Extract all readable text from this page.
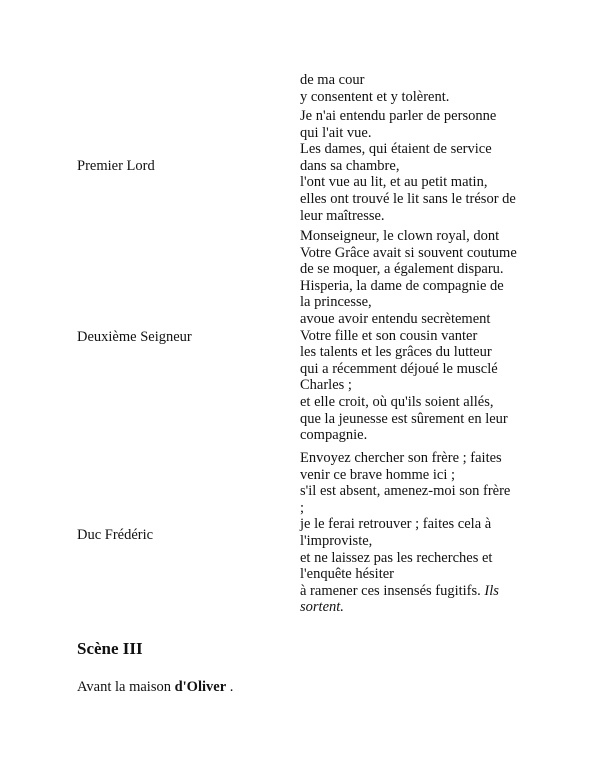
de ma cour
y consentent et y tolèrent.
Premier Lord
Je n'ai entendu parler de personne
qui l'ait vue.
Les dames, qui étaient de service
dans sa chambre,
l'ont vue au lit, et au petit matin,
elles ont trouvé le lit sans le trésor de
leur maîtresse.
Deuxième Seigneur
Monseigneur, le clown royal, dont
Votre Grâce avait si souvent coutume
de se moquer, a également disparu.
Hisperia, la dame de compagnie de
la princesse,
avoue avoir entendu secrètement
Votre fille et son cousin vanter
les talents et les grâces du lutteur
qui a récemment déjoué le musclé
Charles ;
et elle croit, où qu'ils soient allés,
que la jeunesse est sûrement en leur
compagnie.
Duc Frédéric
Envoyez chercher son frère ; faites
venir ce brave homme ici ;
s'il est absent, amenez-moi son frère
;
je le ferai retrouver ; faites cela à
l'improviste,
et ne laissez pas les recherches et
l'enquête hésiter
à ramener ces insensés fugitifs. Ils
sortent.
Scène III

Avant la maison d'Oliver .
